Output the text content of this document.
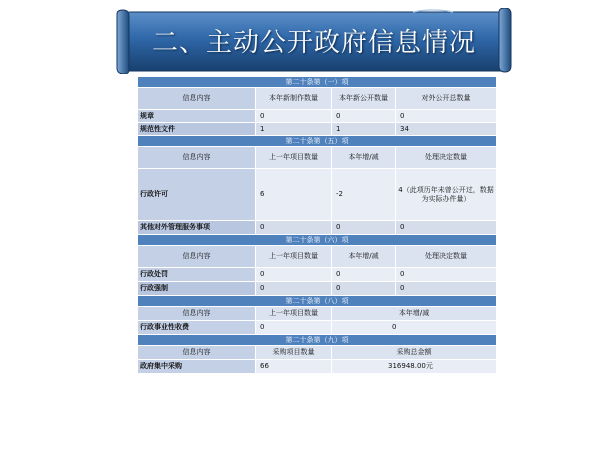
二、主动公开政府信息情况
第二十条第（一）项			
信息内容	本年新制作数量	本年新公开数量	对外公开总数量
规章	0	0	0
规范性文件	1	1	34
第二十条第（五）项			
信息内容	上一年项目数量	本年增/减	处理决定数量
行政许可	6	-2	4（此项历年未曾公开过，数据为实际办件量）
其他对外管理服务事项	0	0	0
第二十条第（六）项			
信息内容	上一年项目数量	本年增/减	处理决定数量
行政处罚	0	0	0
行政强制	0	0	0
第二十条第（八）项			
信息内容	上一年项目数量	本年增/减	
行政事业性收费	0	0	
第二十条第（九）项			
信息内容	采购项目数量	采购总金额	
政府集中采购	66	316948.00元	
